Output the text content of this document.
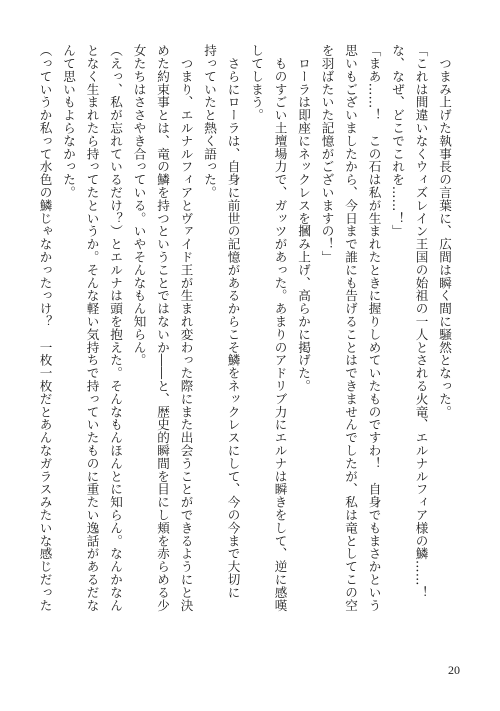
　つまみ上げた執事長の言葉に、広間は瞬く間に騒然となった。
「これは間違いなくウィズレイン王国の始祖の一人とされる火竜、エルナルフィア様の鱗……！
な、なぜ、どこでこれを……！」
「まあ……！　この石は私が生まれたときに握りしめていたものですわ！　自身でもまさかという
思いもございましたから、今日まで誰にも告げることはできませんでしたが、私は竜としてこの空
を羽ばたいた記憶がございますの！」
　ローラは即座にネックレスを摑み上げ、高らかに掲げた。
　ものすごい土壇場力で、ガッツがあった。あまりのアドリブ力にエルナは瞬きをして、逆に感嘆
してしまう。
　さらにローラは、自身に前世の記憶があるからこそ鱗をネックレスにして、今の今まで大切に
持っていたと熱く語った。
　つまり、エルナルフィアとヴァイド王が生まれ変わった際にまた出会うことができるようにと決
めた約束事とは、竜の鱗を持つということではないか――と、歴史的瞬間を目にし頬を赤らめる少
女たちはささやき合っている。いやそんなもん知らん。
（えっ、私が忘れているだけ？）とエルナは頭を抱えた。そんなもんほんとに知らん。なんかなん
となく生まれたら持ってたというか。そんな軽い気持ちで持っていたものに重たい逸話があるだな
んて思いもよらなかった。
（っていうか私って水色の鱗じゃなかったっけ？　一枚一枚だとあんなガラスみたいな感じだった
20
